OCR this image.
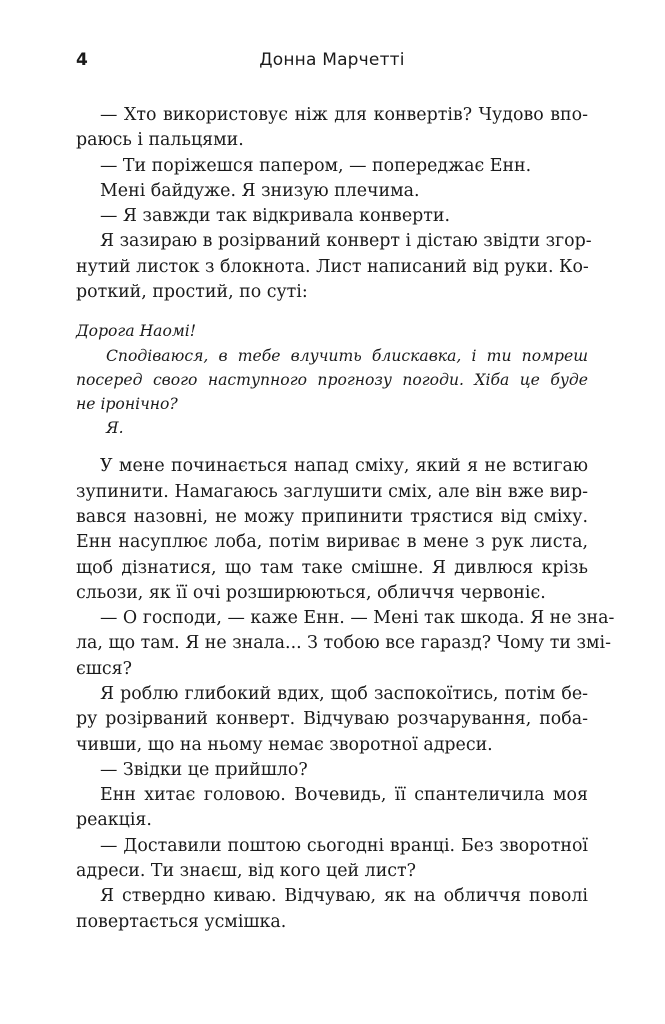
4	Донна Марчетті
— Хто використовує ніж для конвертів? Чудово впо-
раюсь і пальцями.
— Ти поріжешся папером, — попереджає Енн.
Мені байдуже. Я знизую плечима.
— Я завжди так відкривала конверти.
Я зазираю в розірваний конверт і дістаю звідти згор-
нутий листок з блокнота. Лист написаний від руки. Ко-
роткий, простий, по суті:
Дорога Наомі!
Сподіваюся, в тебе влучить блискавка, і ти помреш
посеред свого наступного прогнозу погоди. Хіба це буде
не іронічно?
Я.
У мене починається напад сміху, який я не встигаю
зупинити. Намагаюсь заглушити сміх, але він вже вир-
вався назовні, не можу припинити трястися від сміху.
Енн насуплює лоба, потім вириває в мене з рук листа,
щоб дізнатися, що там таке смішне. Я дивлюся крізь
сльози, як її очі розширюються, обличчя червоніє.
— О господи, — каже Енн. — Мені так шкода. Я не зна-
ла, що там. Я не знала... З тобою все гаразд? Чому ти змі-
єшся?
Я роблю глибокий вдих, щоб заспокоїтись, потім бе-
ру розірваний конверт. Відчуваю розчарування, поба-
чивши, що на ньому немає зворотної адреси.
— Звідки це прийшло?
Енн хитає головою. Вочевидь, її спантеличила моя
реакція.
— Доставили поштою сьогодні вранці. Без зворотної
адреси. Ти знаєш, від кого цей лист?
Я ствердно киваю. Відчуваю, як на обличчя поволі
повертається усмішка.
